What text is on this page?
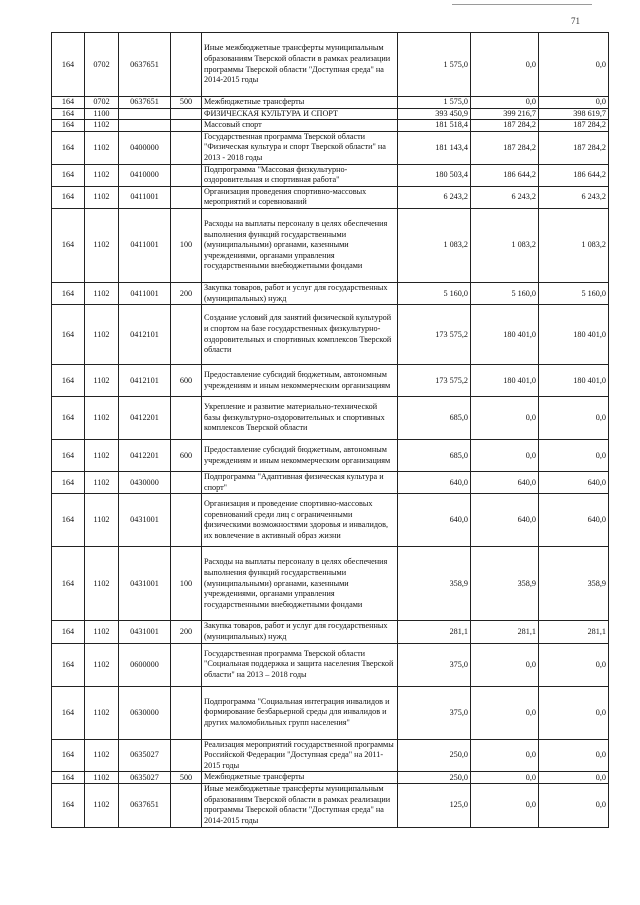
71
164	0702	0637651		Иные межбюджетные трансферты муниципальным образованиям Тверской области в рамках реализации программы Тверской области "Доступная среда" на 2014-2015 годы	1 575,0	0,0	0,0
164	0702	0637651	500	Межбюджетные трансферты	1 575,0	0,0	0,0
164	1100			ФИЗИЧЕСКАЯ КУЛЬТУРА И СПОРТ	393 450,9	399 216,7	398 619,7
164	1102			Массовый спорт	181 518,4	187 284,2	187 284,2
164	1102	0400000		Государственная программа Тверской области "Физическая культура и спорт Тверской области" на 2013 - 2018 годы	181 143,4	187 284,2	187 284,2
164	1102	0410000		Подпрограмма "Массовая физкультурно-оздоровительная и спортивная работа"	180 503,4	186 644,2	186 644,2
164	1102	0411001		Организация проведения спортивно-массовых мероприятий и соревнований	6 243,2	6 243,2	6 243,2
164	1102	0411001	100	Расходы на выплаты персоналу в целях обеспечения выполнения функций государственными (муниципальными) органами, казенными учреждениями, органами управления государственными внебюджетными фондами	1 083,2	1 083,2	1 083,2
164	1102	0411001	200	Закупка товаров, работ и услуг для государственных (муниципальных) нужд	5 160,0	5 160,0	5 160,0
164	1102	0412101		Создание условий для занятий физической культурой и спортом на базе государственных физкультурно-оздоровительных и спортивных комплексов Тверской области	173 575,2	180 401,0	180 401,0
164	1102	0412101	600	Предоставление субсидий бюджетным, автономным учреждениям и иным некоммерческим организациям	173 575,2	180 401,0	180 401,0
164	1102	0412201		Укрепление и развитие материально-технической базы физкультурно-оздоровительных и спортивных комплексов Тверской области	685,0	0,0	0,0
164	1102	0412201	600	Предоставление субсидий бюджетным, автономным учреждениям и иным некоммерческим организациям	685,0	0,0	0,0
164	1102	0430000		Подпрограмма "Адаптивная физическая культура и спорт"	640,0	640,0	640,0
164	1102	0431001		Организация и проведение спортивно-массовых соревнований среди лиц с ограниченными физическими возможностями здоровья и инвалидов, их вовлечение в активный образ жизни	640,0	640,0	640,0
164	1102	0431001	100	Расходы на выплаты персоналу в целях обеспечения выполнения функций государственными (муниципальными) органами, казенными учреждениями, органами управления государственными внебюджетными фондами	358,9	358,9	358,9
164	1102	0431001	200	Закупка товаров, работ и услуг для государственных (муниципальных) нужд	281,1	281,1	281,1
164	1102	0600000		Государственная программа Тверской области "Социальная поддержка и защита населения Тверской области" на 2013 – 2018 годы	375,0	0,0	0,0
164	1102	0630000		Подпрограмма "Социальная интеграция инвалидов и формирование безбарьерной среды для инвалидов и других маломобильных групп населения"	375,0	0,0	0,0
164	1102	0635027		Реализация мероприятий государственной программы Российской Федерации "Доступная среда" на 2011-2015 годы	250,0	0,0	0,0
164	1102	0635027	500	Межбюджетные трансферты	250,0	0,0	0,0
164	1102	0637651		Иные межбюджетные трансферты муниципальным образованиям Тверской области в рамках реализации программы Тверской области "Доступная среда" на 2014-2015 годы	125,0	0,0	0,0
